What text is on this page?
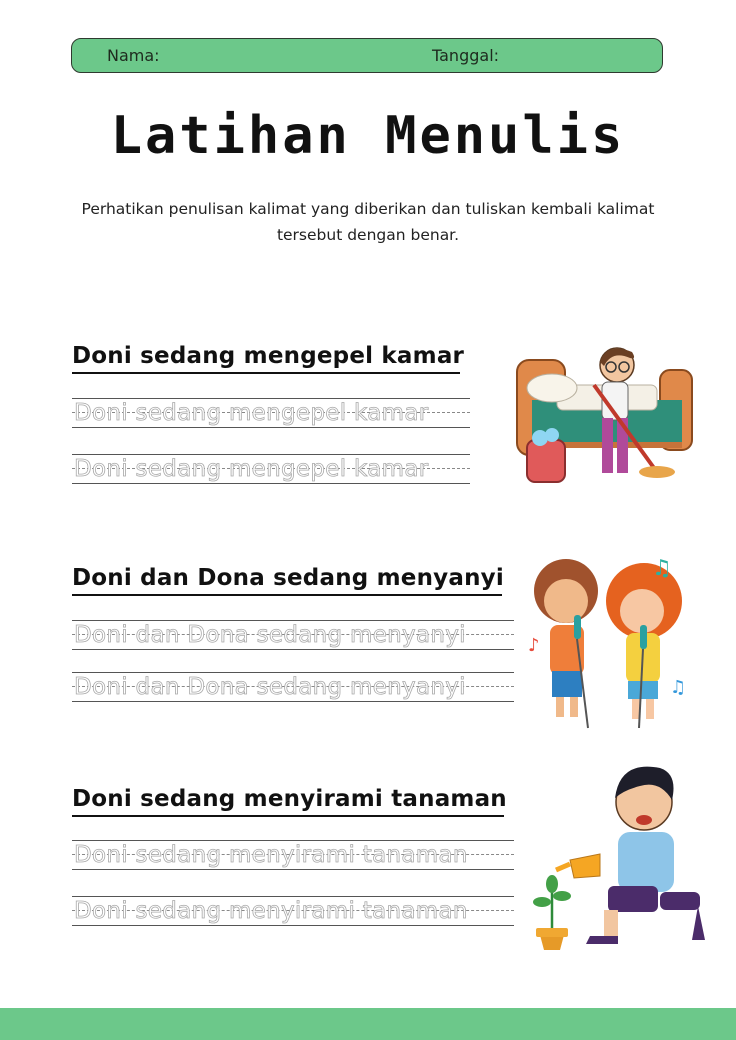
Nama:	Tanggal:
Latihan Menulis
Perhatikan penulisan kalimat yang diberikan dan tuliskan kembali kalimat tersebut dengan benar.
Doni sedang mengepel kamar
Doni sedang mengepel kamar
Doni sedang mengepel kamar
Doni dan Dona sedang menyanyi
Doni dan Dona sedang menyanyi
Doni dan Dona sedang menyanyi
Doni sedang menyirami tanaman
Doni sedang menyirami tanaman
Doni sedang menyirami tanaman
♫
♪
♫
